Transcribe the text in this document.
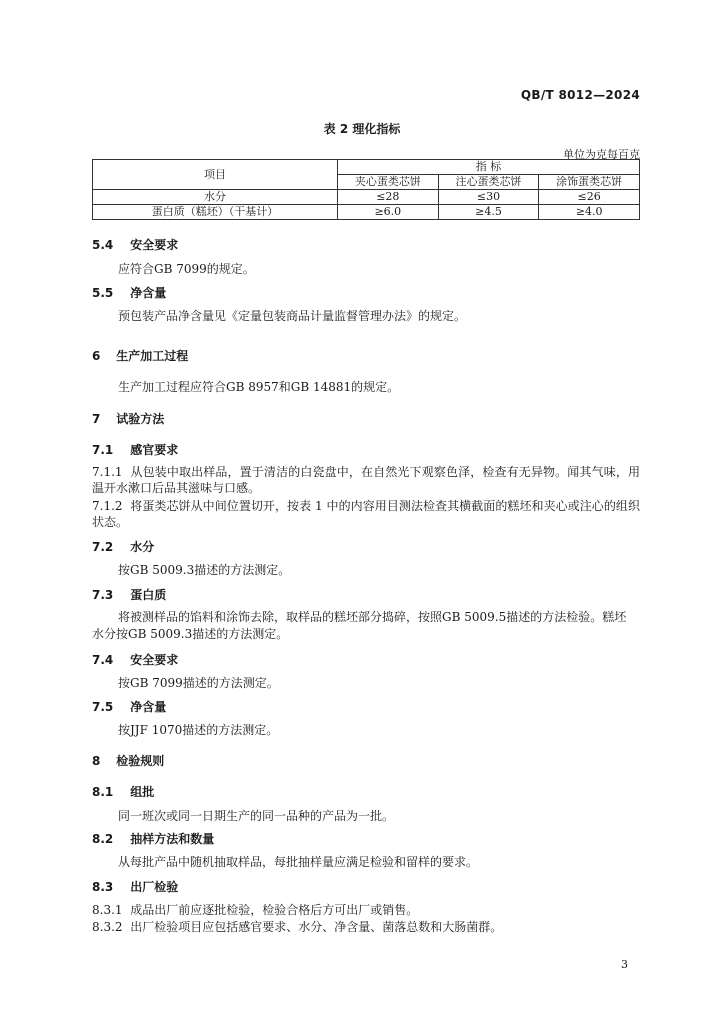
QB/T 8012—2024
表 2 理化指标
单位为克每百克
项目	指 标		
	夹心蛋类芯饼	注心蛋类芯饼	涂饰蛋类芯饼
水分	≤28	≤30	≤26
蛋白质（糕坯）（干基计）	≥6.0	≥4.5	≥4.0
5.4 安全要求
应符合GB 7099的规定。
5.5 净含量
预包装产品净含量见《定量包装商品计量监督管理办法》的规定。
6 生产加工过程
生产加工过程应符合GB 8957和GB 14881的规定。
7 试验方法
7.1 感官要求
7.1.1 从包装中取出样品，置于清洁的白瓷盘中，在自然光下观察色泽，检查有无异物。闻其气味，用温开水漱口后品其滋味与口感。
7.1.2 将蛋类芯饼从中间位置切开，按表 1 中的内容用目测法检查其横截面的糕坯和夹心或注心的组织状态。
7.2 水分
按GB 5009.3描述的方法测定。
7.3 蛋白质
将被测样品的馅料和涂饰去除，取样品的糕坯部分捣碎，按照GB 5009.5描述的方法检验。糕坯
水分按GB 5009.3描述的方法测定。
7.4 安全要求
按GB 7099描述的方法测定。
7.5 净含量
按JJF 1070描述的方法测定。
8 检验规则
8.1 组批
同一班次或同一日期生产的同一品种的产品为一批。
8.2 抽样方法和数量
从每批产品中随机抽取样品，每批抽样量应满足检验和留样的要求。
8.3 出厂检验
8.3.1 成品出厂前应逐批检验，检验合格后方可出厂或销售。
8.3.2 出厂检验项目应包括感官要求、水分、净含量、菌落总数和大肠菌群。
3
